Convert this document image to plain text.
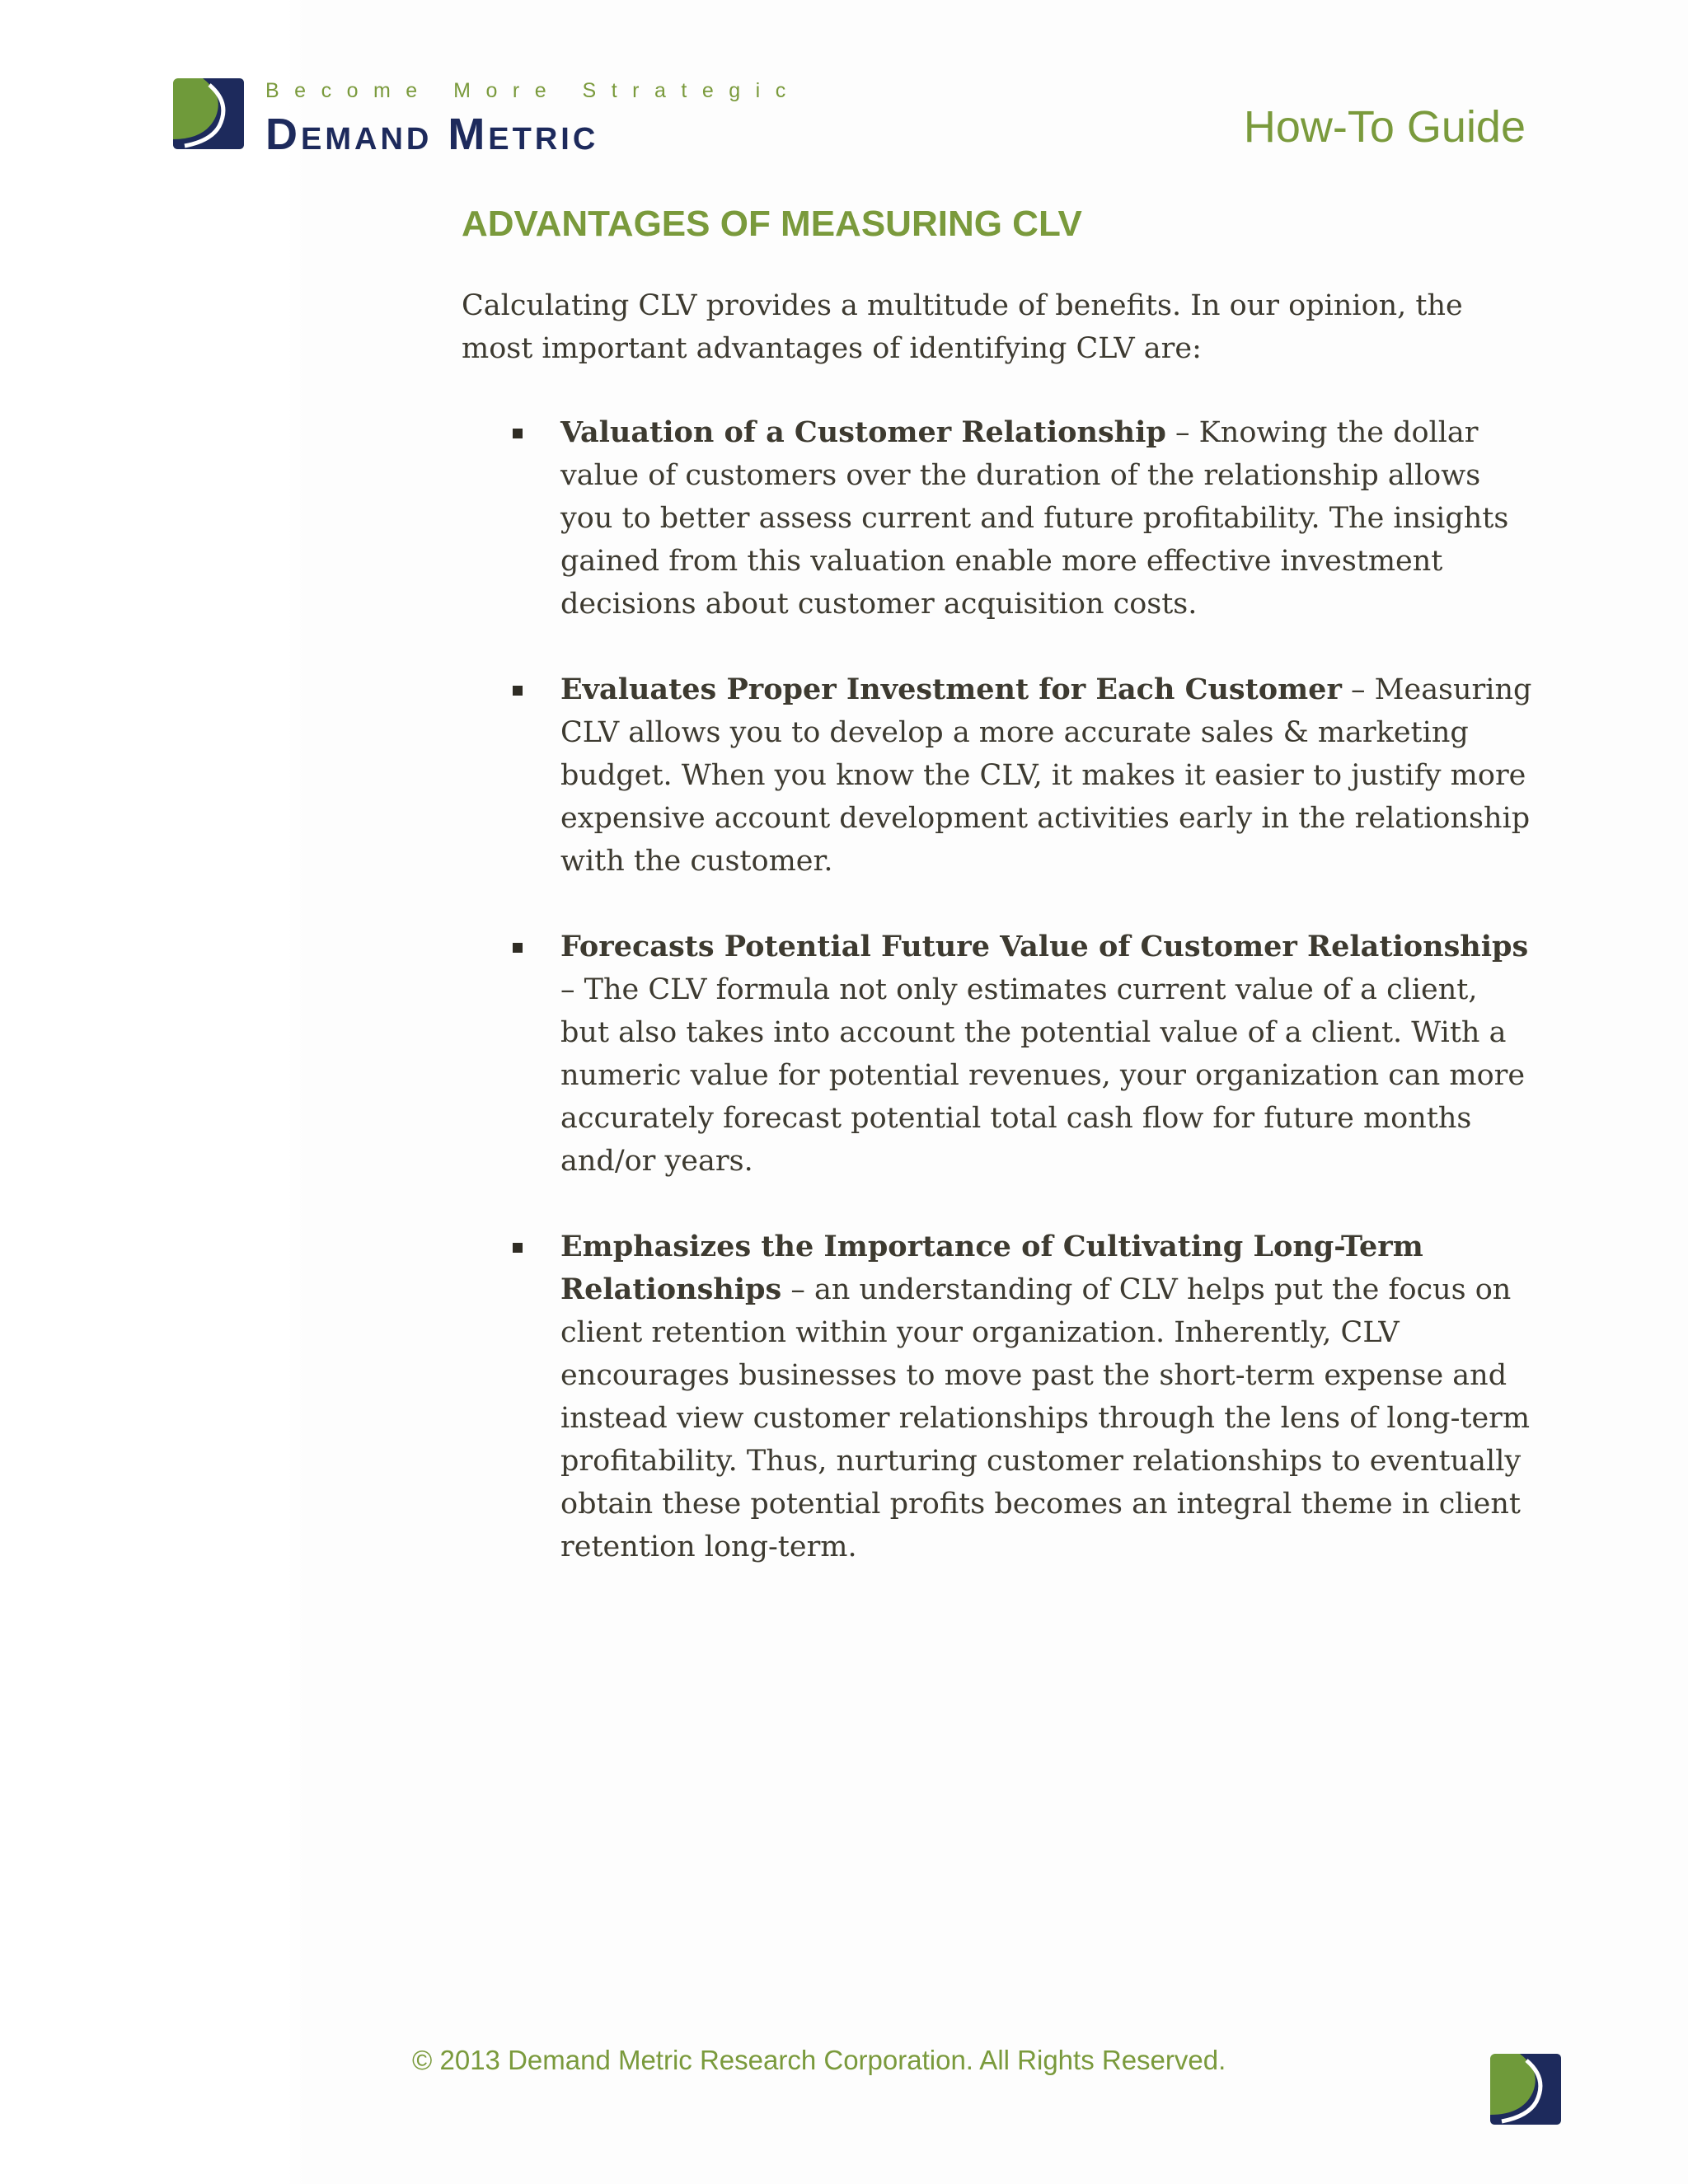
Become More Strategic
Demand Metric	How-To Guide
ADVANTAGES OF MEASURING CLV

Calculating CLV provides a multitude of benefits. In our opinion, the most important advantages of identifying CLV are:

Valuation of a Customer Relationship – Knowing the dollar value of customers over the duration of the relationship allows you to better assess current and future profitability. The insights gained from this valuation enable more effective investment decisions about customer acquisition costs.
Evaluates Proper Investment for Each Customer – Measuring CLV allows you to develop a more accurate sales & marketing budget. When you know the CLV, it makes it easier to justify more expensive account development activities early in the relationship with the customer.
Forecasts Potential Future Value of Customer Relationships – The CLV formula not only estimates current value of a client, but also takes into account the potential value of a client. With a numeric value for potential revenues, your organization can more accurately forecast potential total cash flow for future months and/or years.
Emphasizes the Importance of Cultivating Long-Term Relationships – an understanding of CLV helps put the focus on client retention within your organization. Inherently, CLV encourages businesses to move past the short-term expense and instead view customer relationships through the lens of long-term profitability. Thus, nurturing customer relationships to eventually obtain these potential profits becomes an integral theme in client retention long-term.
© 2013 Demand Metric Research Corporation. All Rights Reserved.
